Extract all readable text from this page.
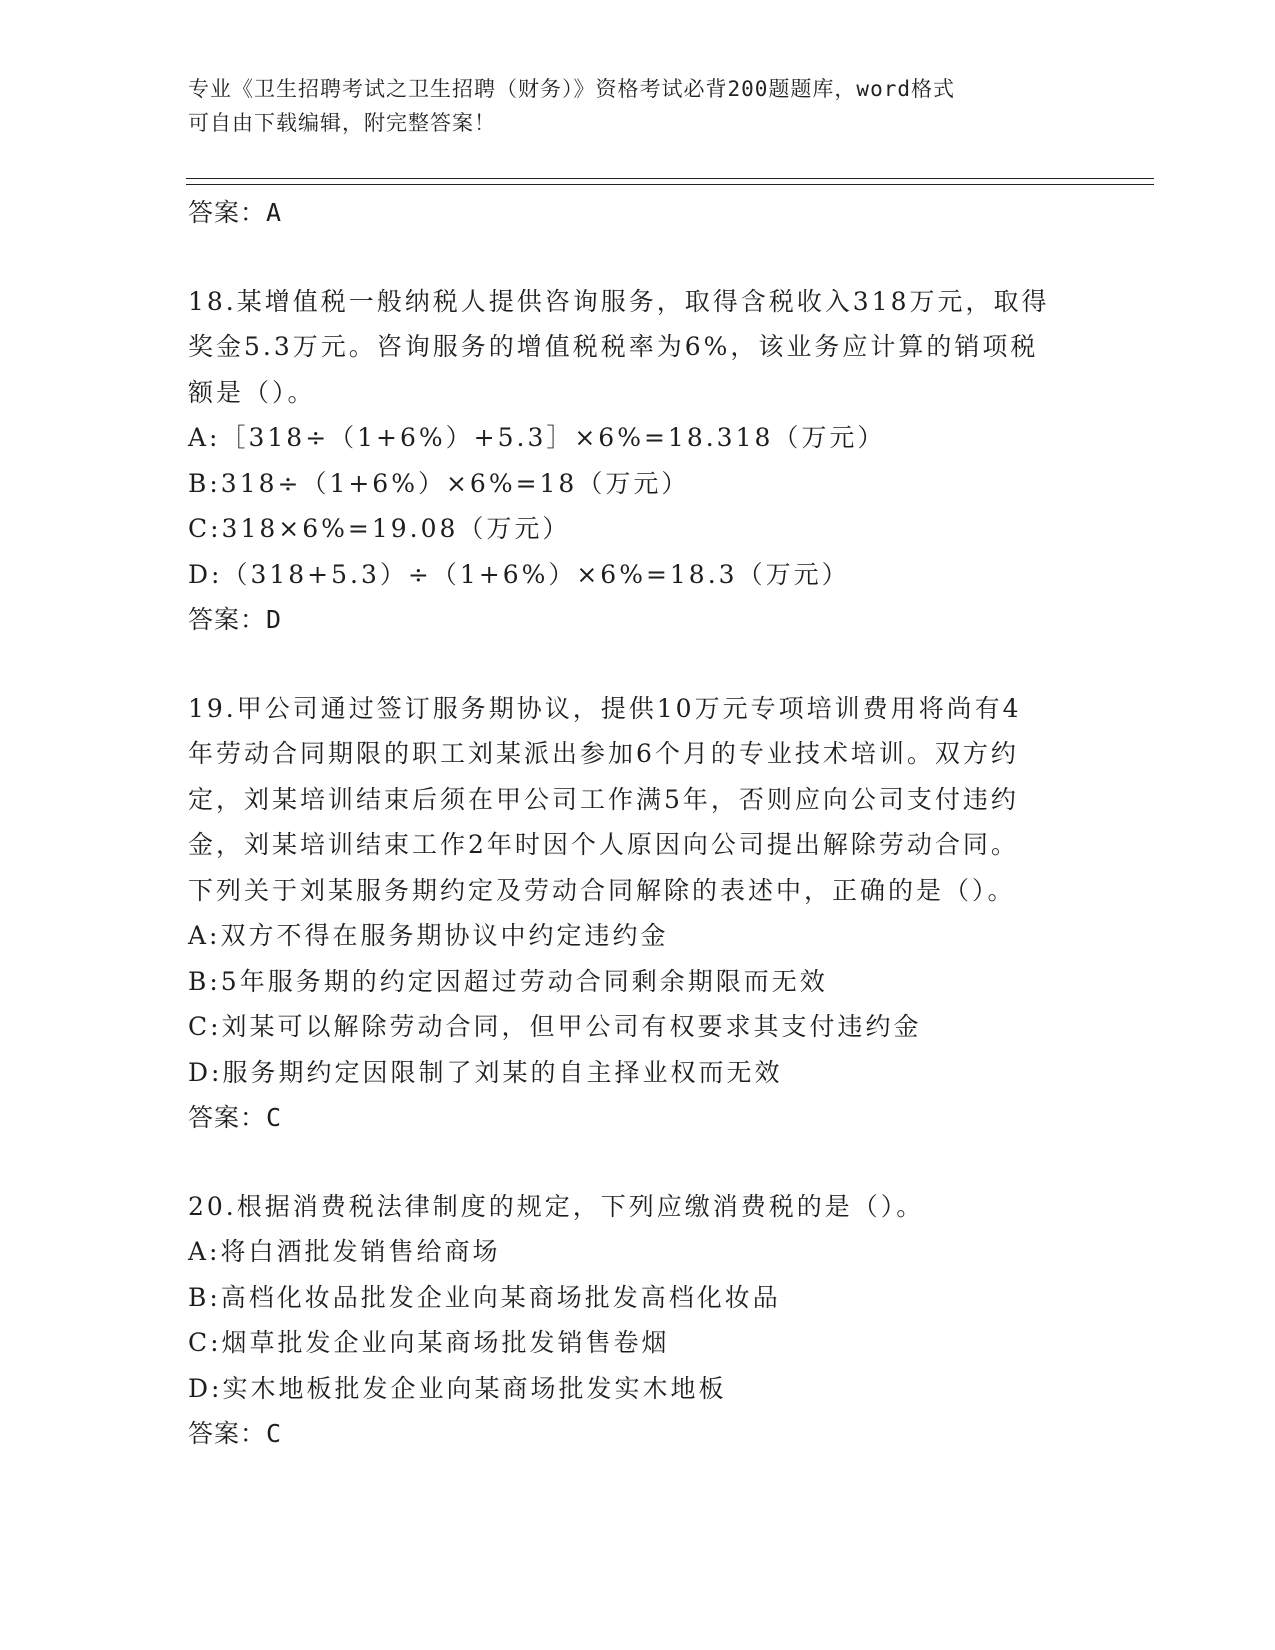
专业《卫生招聘考试之卫生招聘（财务）》资格考试必背200题题库，word格式
可自由下载编辑，附完整答案！
答案：A
18.某增值税一般纳税人提供咨询服务，取得含税收入318万元，取得
奖金5.3万元。咨询服务的增值税税率为6%，该业务应计算的销项税
额是（）。
A:［318÷（1+6%）+5.3］×6%=18.318（万元）
B:318÷（1+6%）×6%=18（万元）
C:318×6%=19.08（万元）
D:（318+5.3）÷（1+6%）×6%=18.3（万元）
答案：D
19.甲公司通过签订服务期协议，提供10万元专项培训费用将尚有4
年劳动合同期限的职工刘某派出参加6个月的专业技术培训。双方约
定，刘某培训结束后须在甲公司工作满5年，否则应向公司支付违约
金，刘某培训结束工作2年时因个人原因向公司提出解除劳动合同。
下列关于刘某服务期约定及劳动合同解除的表述中，正确的是（）。
A:双方不得在服务期协议中约定违约金
B:5年服务期的约定因超过劳动合同剩余期限而无效
C:刘某可以解除劳动合同，但甲公司有权要求其支付违约金
D:服务期约定因限制了刘某的自主择业权而无效
答案：C
20.根据消费税法律制度的规定，下列应缴消费税的是（）。
A:将白酒批发销售给商场
B:高档化妆品批发企业向某商场批发高档化妆品
C:烟草批发企业向某商场批发销售卷烟
D:实木地板批发企业向某商场批发实木地板
答案：C
